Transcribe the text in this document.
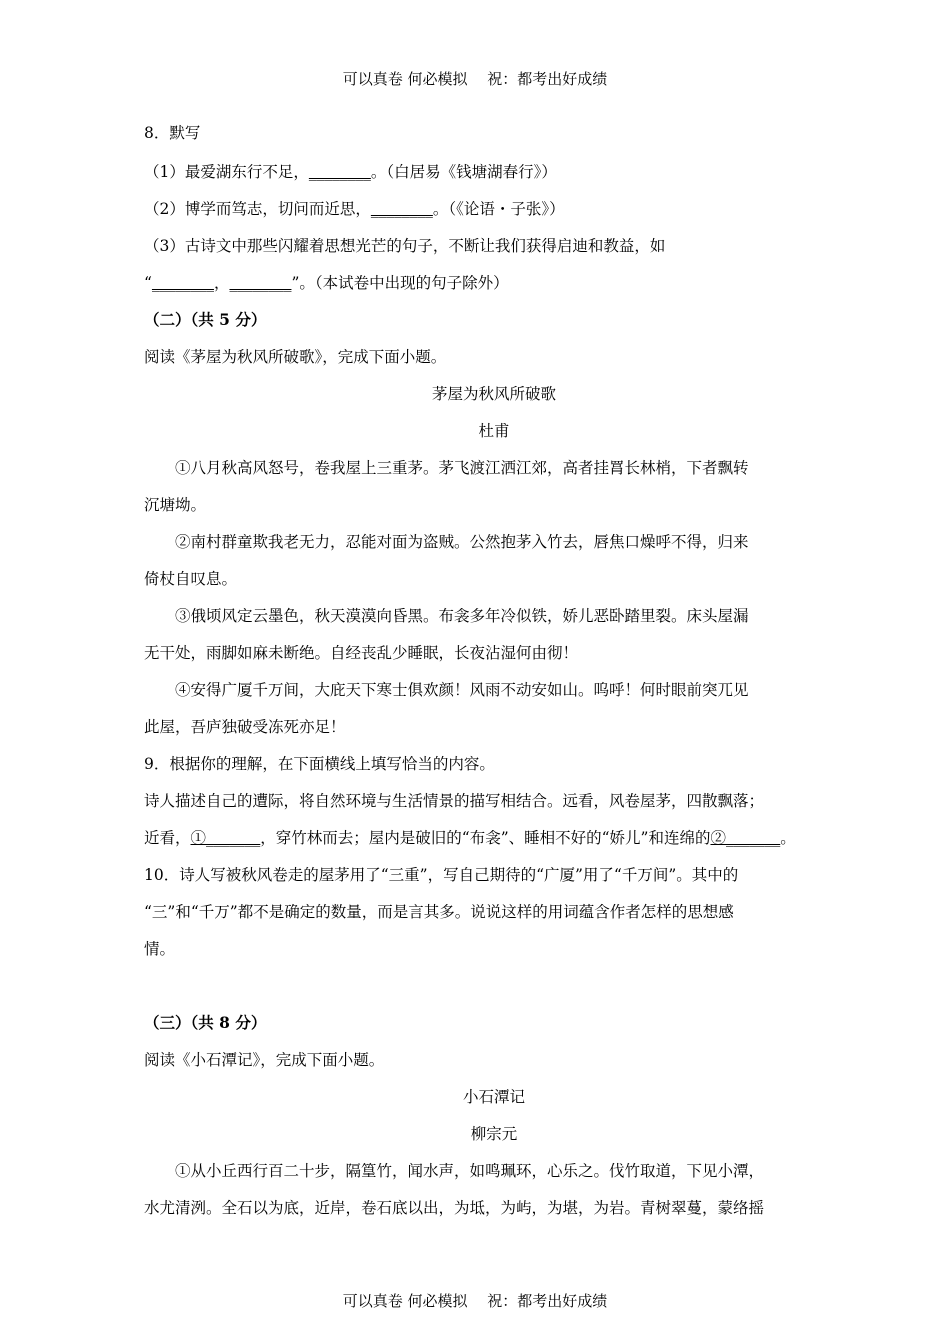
可以真卷 何必模拟　 祝：都考出好成绩

8．默写

（1）最爱湖东行不足，________。（白居易《钱塘湖春行》）

（2）博学而笃志，切问而近思，________。（《论语・子张》）

（3）古诗文中那些闪耀着思想光芒的句子，不断让我们获得启迪和教益，如

“________，________”。（本试卷中出现的句子除外）

（二）（共 5 分）

阅读《茅屋为秋风所破歌》，完成下面小题。

茅屋为秋风所破歌

杜甫

①八月秋高风怒号，卷我屋上三重茅。茅飞渡江洒江郊，高者挂罥长林梢，下者飘转

沉塘坳。

②南村群童欺我老无力，忍能对面为盗贼。公然抱茅入竹去，唇焦口燥呼不得，归来

倚杖自叹息。

③俄顷风定云墨色，秋天漠漠向昏黑。布衾多年冷似铁，娇儿恶卧踏里裂。床头屋漏

无干处，雨脚如麻未断绝。自经丧乱少睡眠，长夜沾湿何由彻！

④安得广厦千万间，大庇天下寒士俱欢颜！风雨不动安如山。呜呼！何时眼前突兀见

此屋，吾庐独破受冻死亦足！

9．根据你的理解，在下面横线上填写恰当的内容。

诗人描述自己的遭际，将自然环境与生活情景的描写相结合。远看，风卷屋茅，四散飘落；

近看，①_______，穿竹林而去；屋内是破旧的“布衾”、睡相不好的“娇儿”和连绵的②_______。

10．诗人写被秋风卷走的屋茅用了“三重”，写自己期待的“广厦”用了“千万间”。其中的

“三”和“千万”都不是确定的数量，而是言其多。说说这样的用词蕴含作者怎样的思想感

情。

（三）（共 8 分）

阅读《小石潭记》，完成下面小题。

小石潭记

柳宗元

①从小丘西行百二十步，隔篁竹，闻水声，如鸣珮环，心乐之。伐竹取道，下见小潭，

水尤清洌。全石以为底，近岸，卷石底以出，为坻，为屿，为堪，为岩。青树翠蔓，蒙络摇

可以真卷 何必模拟　 祝：都考出好成绩
